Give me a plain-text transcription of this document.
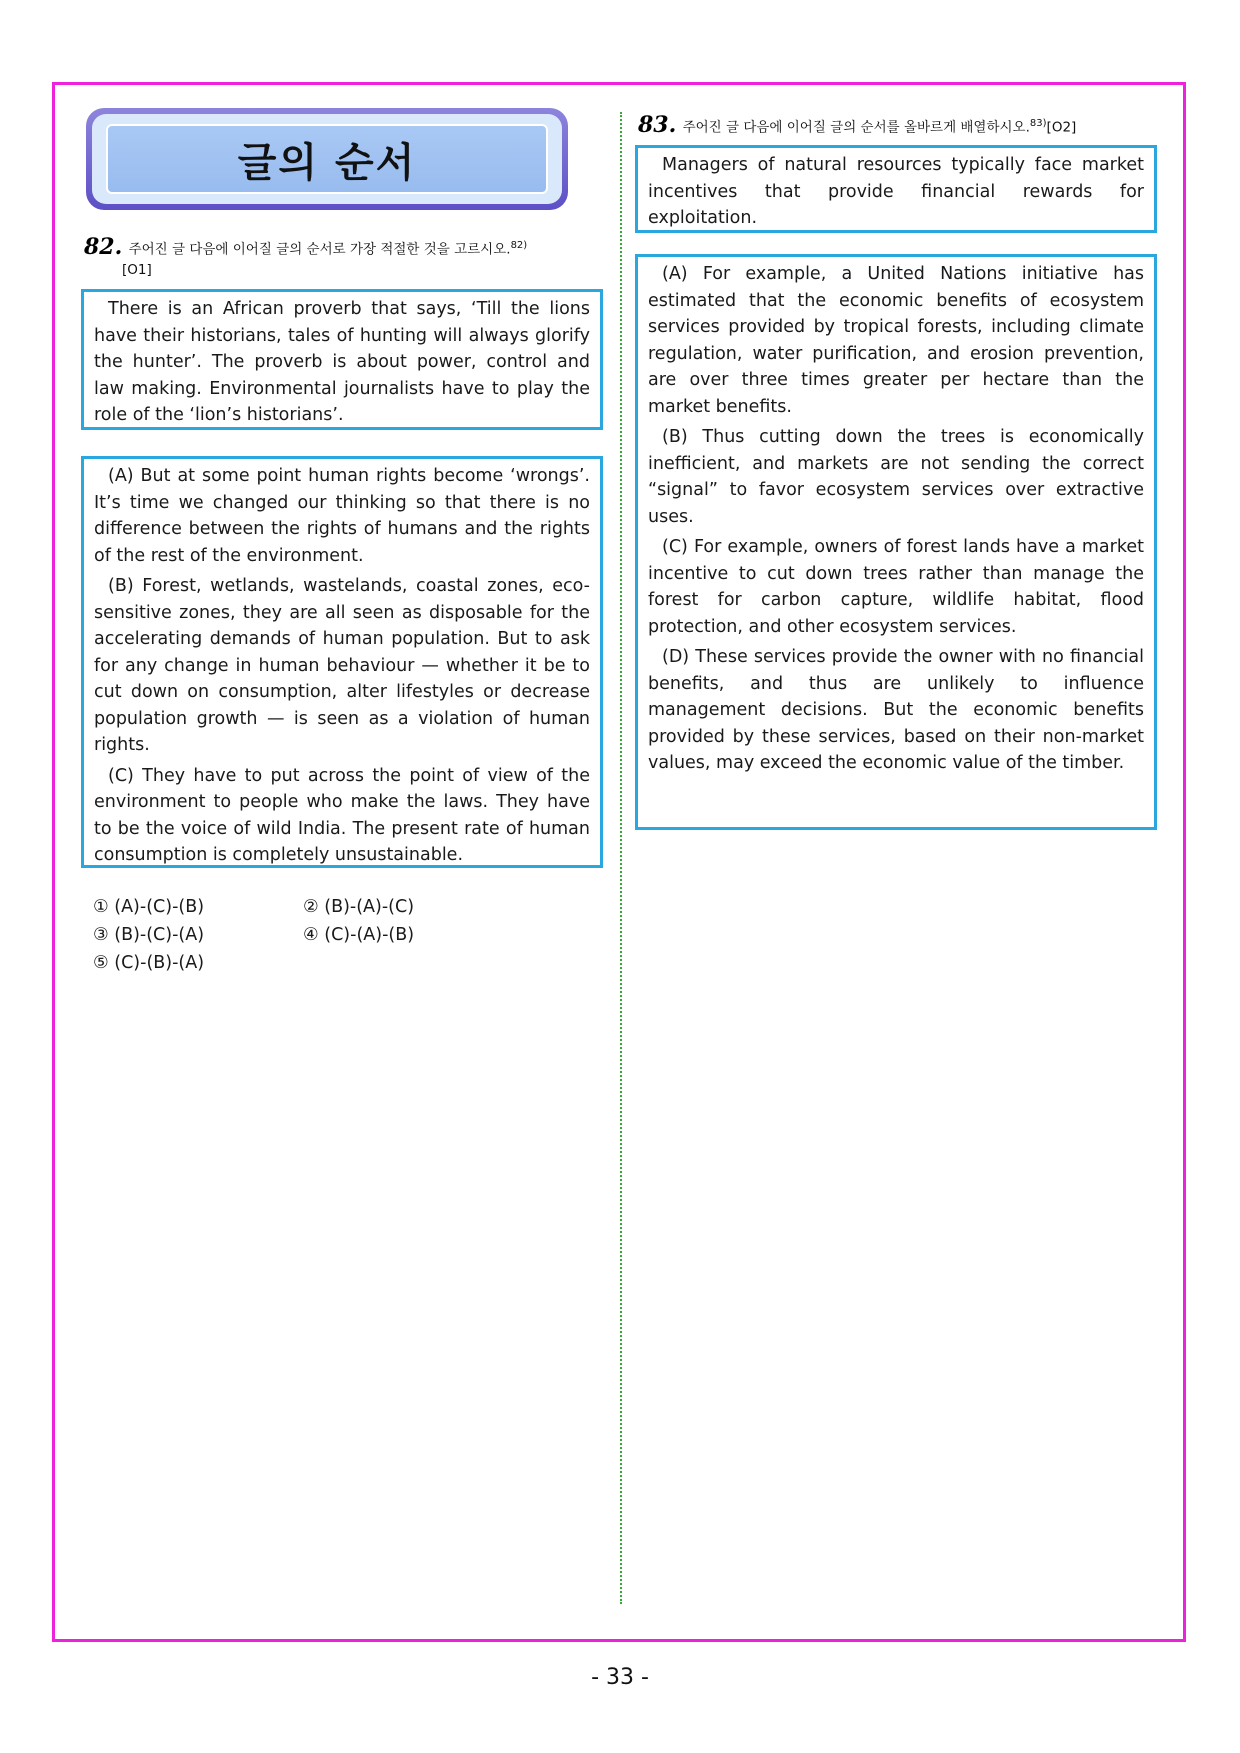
글의 순서
82. 주어진 글 다음에 이어질 글의 순서로 가장 적절한 것을 고르시오.$^{82)}$
[O1]

There is an African proverb that says, ‘Till the lions have their historians, tales of hunting will always glorify the hunter’. The proverb is about power, control and law making. Environmental journalists have to play the role of the ‘lion’s historians’.

(A) But at some point human rights become ‘wrongs’. It’s time we changed our thinking so that there is no difference between the rights of humans and the rights of the rest of the environment.

(B) Forest, wetlands, wastelands, coastal zones, eco-sensitive zones, they are all seen as disposable for the accelerating demands of human population. But to ask for any change in human behaviour — whether it be to cut down on consumption, alter lifestyles or decrease population growth — is seen as a violation of human rights.

(C) They have to put across the point of view of the environment to people who make the laws. They have to be the voice of wild India. The present rate of human consumption is completely unsustainable.

① (A)-(C)-(B)	② (B)-(A)-(C)
③ (B)-(C)-(A)	④ (C)-(A)-(B)
⑤ (C)-(B)-(A)
83. 주어진 글 다음에 이어질 글의 순서를 올바르게 배열하시오.$^{83)}$[O2]

Managers of natural resources typically face market incentives that provide financial rewards for exploitation.

(A) For example, a United Nations initiative has estimated that the economic benefits of ecosystem services provided by tropical forests, including climate regulation, water purification, and erosion prevention, are over three times greater per hectare than the market benefits.

(B) Thus cutting down the trees is economically inefficient, and markets are not sending the correct “signal” to favor ecosystem services over extractive uses.

(C) For example, owners of forest lands have a market incentive to cut down trees rather than manage the forest for carbon capture, wildlife habitat, flood protection, and other ecosystem services.

(D) These services provide the owner with no financial benefits, and thus are unlikely to influence management decisions. But the economic benefits provided by these services, based on their non-market values, may exceed the economic value of the timber.

- 33 -
